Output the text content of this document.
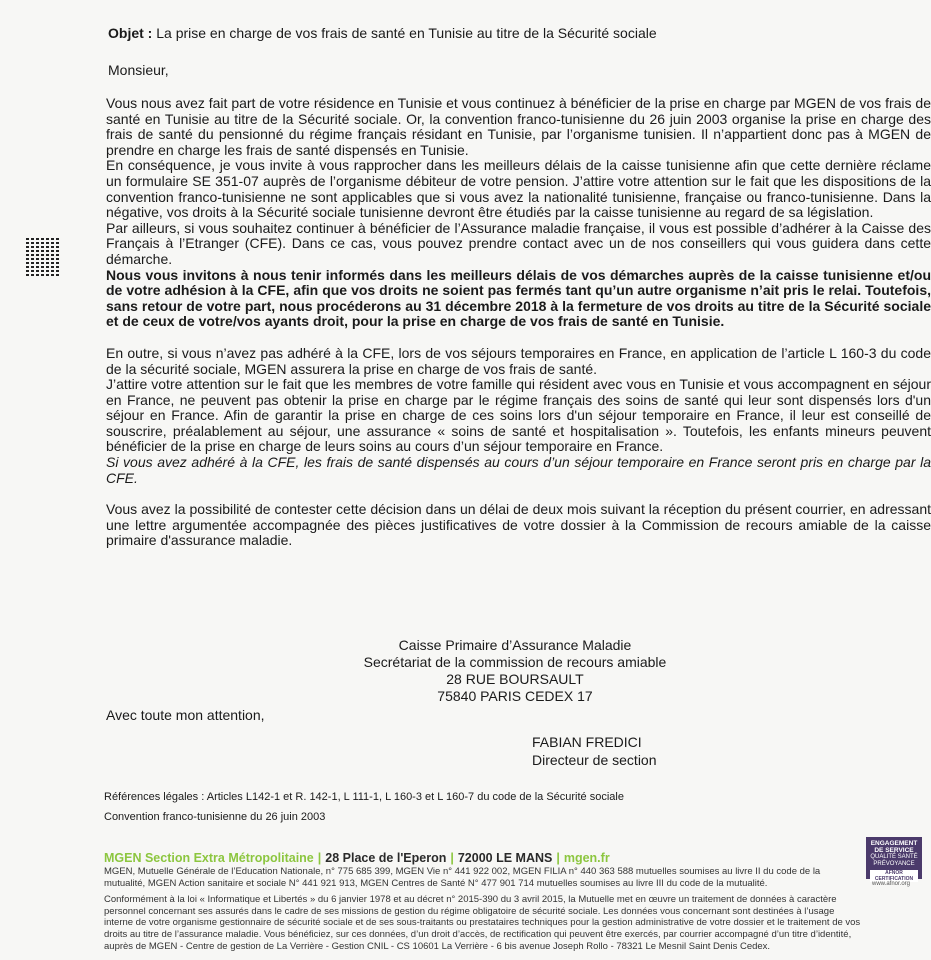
Objet : La prise en charge de vos frais de santé en Tunisie au titre de la Sécurité sociale
Monsieur,

Vous nous avez fait part de votre résidence en Tunisie et vous continuez à bénéficier de la prise en charge par MGEN de vos frais de santé en Tunisie au titre de la Sécurité sociale. Or, la convention franco-tunisienne du 26 juin 2003 organise la prise en charge des frais de santé du pensionné du régime français résidant en Tunisie, par l’organisme tunisien. Il n’appartient donc pas à MGEN de prendre en charge les frais de santé dispensés en Tunisie.

En conséquence, je vous invite à vous rapprocher dans les meilleurs délais de la caisse tunisienne afin que cette dernière réclame un formulaire SE 351-07 auprès de l’organisme débiteur de votre pension. J’attire votre attention sur le fait que les dispositions de la convention franco-tunisienne ne sont applicables que si vous avez la nationalité tunisienne, française ou franco-tunisienne. Dans la négative, vos droits à la Sécurité sociale tunisienne devront être étudiés par la caisse tunisienne au regard de sa législation.

Par ailleurs, si vous souhaitez continuer à bénéficier de l’Assurance maladie française, il vous est possible d’adhérer à la Caisse des Français à l’Etranger (CFE). Dans ce cas, vous pouvez prendre contact avec un de nos conseillers qui vous guidera dans cette démarche.

Nous vous invitons à nous tenir informés dans les meilleurs délais de vos démarches auprès de la caisse tunisienne et/ou de votre adhésion à la CFE, afin que vos droits ne soient pas fermés tant qu’un autre organisme n’ait pris le relai. Toutefois, sans retour de votre part, nous procéderons au 31 décembre 2018 à la fermeture de vos droits au titre de la Sécurité sociale et de ceux de votre/vos ayants droit, pour la prise en charge de vos frais de santé en Tunisie.

En outre, si vous n’avez pas adhéré à la CFE, lors de vos séjours temporaires en France, en application de l’article L 160-3 du code de la sécurité sociale, MGEN assurera la prise en charge de vos frais de santé.

J’attire votre attention sur le fait que les membres de votre famille qui résident avec vous en Tunisie et vous accompagnent en séjour en France, ne peuvent pas obtenir la prise en charge par le régime français des soins de santé qui leur sont dispensés lors d'un séjour en France. Afin de garantir la prise en charge de ces soins lors d'un séjour temporaire en France, il leur est conseillé de souscrire, préalablement au séjour, une assurance « soins de santé et hospitalisation ». Toutefois, les enfants mineurs peuvent bénéficier de la prise en charge de leurs soins au cours d’un séjour temporaire en France.

Si vous avez adhéré à la CFE, les frais de santé dispensés au cours d’un séjour temporaire en France seront pris en charge par la CFE.

Vous avez la possibilité de contester cette décision dans un délai de deux mois suivant la réception du présent courrier, en adressant une lettre argumentée accompagnée des pièces justificatives de votre dossier à la Commission de recours amiable de la caisse primaire d'assurance maladie.

Caisse Primaire d’Assurance Maladie
Secrétariat de la commission de recours amiable
28 RUE BOURSAULT
75840 PARIS CEDEX 17
Avec toute mon attention,
FABIAN FREDICI
Directeur de section
Références légales : Articles L142-1 et R. 142-1, L 111-1, L 160-3 et L 160-7 du code de la Sécurité sociale
Convention franco-tunisienne du 26 juin 2003
MGEN Section Extra Métropolitaine | 28 Place de l'Eperon | 72000 LE MANS | mgen.fr

MGEN, Mutuelle Générale de l’Education Nationale, n° 775 685 399, MGEN Vie n° 441 922 002, MGEN FILIA n° 440 363 588 mutuelles soumises au livre II du code de la mutualité, MGEN Action sanitaire et sociale N° 441 921 913, MGEN Centres de Santé N° 477 901 714 mutuelles soumises au livre III du code de la mutualité.

Conformément à la loi « Informatique et Libertés » du 6 janvier 1978 et au décret n° 2015-390 du 3 avril 2015, la Mutuelle met en œuvre un traitement de données à caractère personnel concernant ses assurés dans le cadre de ses missions de gestion du régime obligatoire de sécurité sociale. Les données vous concernant sont destinées à l’usage interne de votre organisme gestionnaire de sécurité sociale et de ses sous-traitants ou prestataires techniques pour la gestion administrative de votre dossier et le traitement de vos droits au titre de l’assurance maladie. Vous bénéficiez, sur ces données, d’un droit d’accès, de rectification qui peuvent être exercés, par courrier accompagné d’un titre d’identité, auprès de MGEN - Centre de gestion de La Verrière - Gestion CNIL - CS 10601 La Verrière - 6 bis avenue Joseph Rollo - 78321 Le Mesnil Saint Denis Cedex.

ENGAGEMENT DE SERVICE
QUALITÉ SANTÉ PRÉVOYANCE
AFNOR CERTIFICATION
www.afnor.org
